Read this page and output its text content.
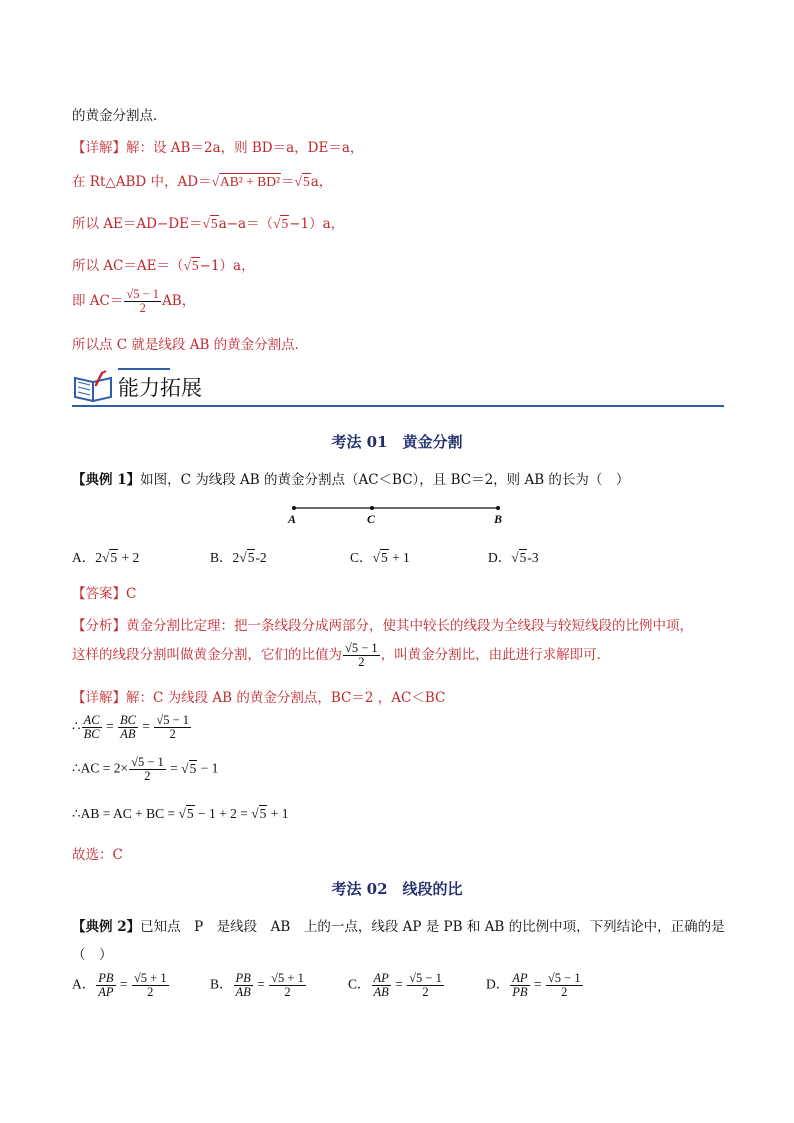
的黄金分割点．
【详解】解：设 AB＝2a，则 BD＝a，DE＝a，
在 Rt△ABD 中，AD＝√AB² + BD²＝√5a，
所以 AE＝AD−DE＝√5a−a＝（√5−1）a，
所以 AC＝AE＝（√5−1）a，
即 $AC= \frac{√5 - 1}{2}$ AB，
所以点 C 就是线段 AB 的黄金分割点．
能力拓展
考法 01　黄金分割
【典例 1】如图，C 为线段 AB 的黄金分割点（AC＜BC），且 BC＝2，则 AB 的长为（　）
A	C	B
A．2√5 + 2	B．2√5-2	C．√5 + 1	D．√5-3
【答案】C
【分析】黄金分割比定理：把一条线段分成两部分，使其中较长的线段为全线段与较短线段的比例中项，
这样的线段分割叫做黄金分割，它们的比值为 $\frac{√5 - 1}{2}$ ，叫黄金分割比，由此进行求解即可．
【详解】解：C 为线段 AB 的黄金分割点，BC＝2 ，AC＜BC
∴ $\frac{AC}{BC} = \frac{BC}{AB} = \frac{√5 - 1}{2}$
∴AC = $2\times \frac{√5 - 1}{2} = √5 - 1$
∴AB = AC + BC = √5 − 1 + 2 = √5 + 1
故选：C
考法 02　线段的比
【典例 2】已知点　P　是线段　AB　上的一点，线段 AP 是 PB 和 AB 的比例中项，下列结论中，正确的是
（　）
A． $\frac{PB}{AP} = \frac{√5 + 1}{2}$	B． $\frac{PB}{AB} = \frac{√5 + 1}{2}$	C． $\frac{AP}{AB} = \frac{√5 - 1}{2}$	D． $\frac{AP}{PB} = \frac{√5 - 1}{2}$
